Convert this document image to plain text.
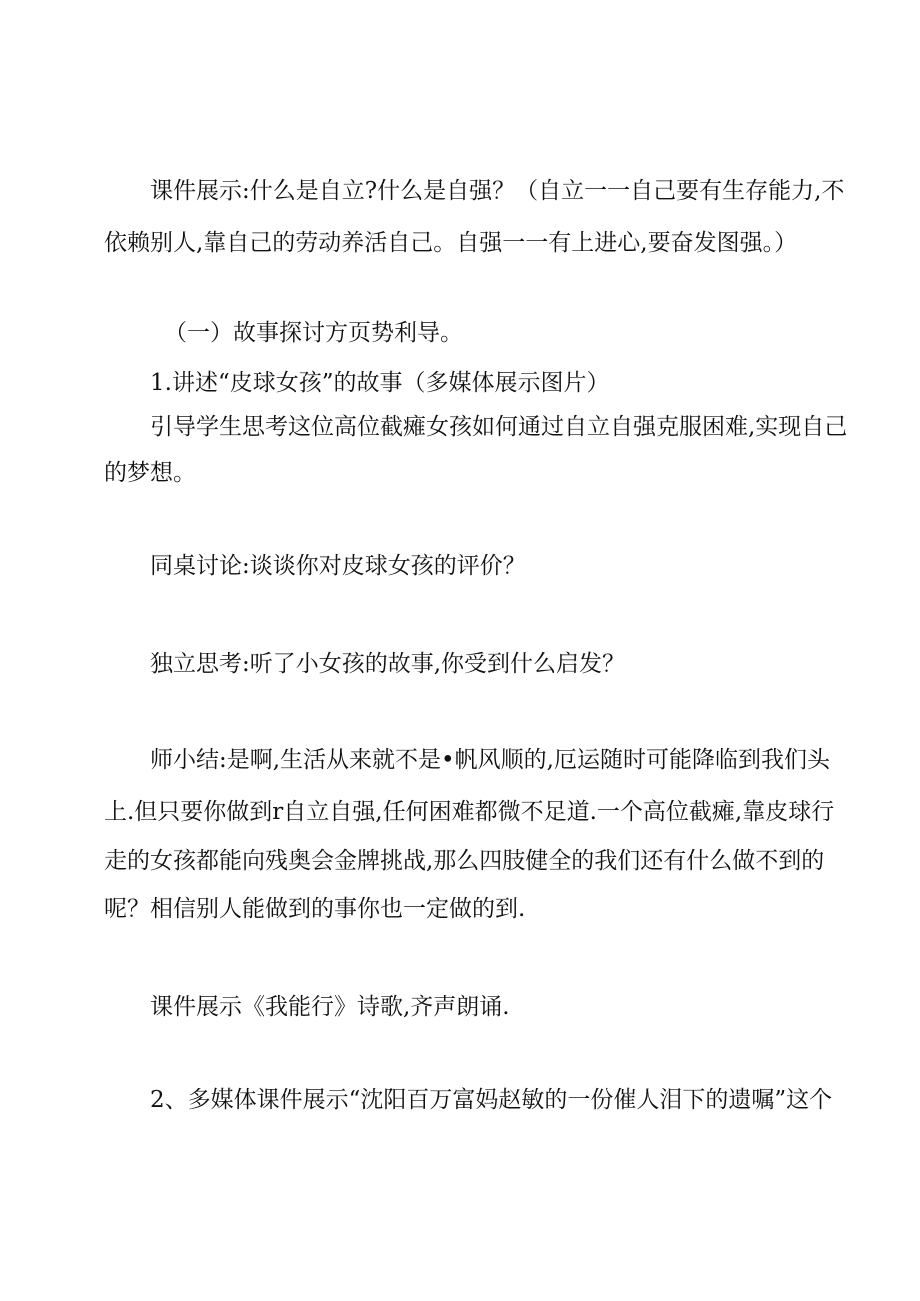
课件展示:什么是自立?什么是自强？（自立一一自己要有生存能力,不
依赖别人,靠自己的劳动养活自己。自强一一有上进心,要奋发图强。）
（一）故事探讨方页势利导。
1.讲述“皮球女孩”的故事（多媒体展示图片）
引导学生思考这位高位截瘫女孩如何通过自立自强克服困难,实现自己
的梦想。
同桌讨论:谈谈你对皮球女孩的评价？
独立思考:听了小女孩的故事,你受到什么启发？
师小结:是啊,生活从来就不是•帆风顺的,厄运随时可能降临到我们头
上.但只要你做到r自立自强,任何困难都微不足道.一个高位截瘫,靠皮球行
走的女孩都能向残奥会金牌挑战,那么四肢健全的我们还有什么做不到的
呢？相信别人能做到的事你也一定做的到.
课件展示《我能行》诗歌,齐声朗诵.
2、多媒体课件展示“沈阳百万富妈赵敏的一份催人泪下的遗嘱”这个
